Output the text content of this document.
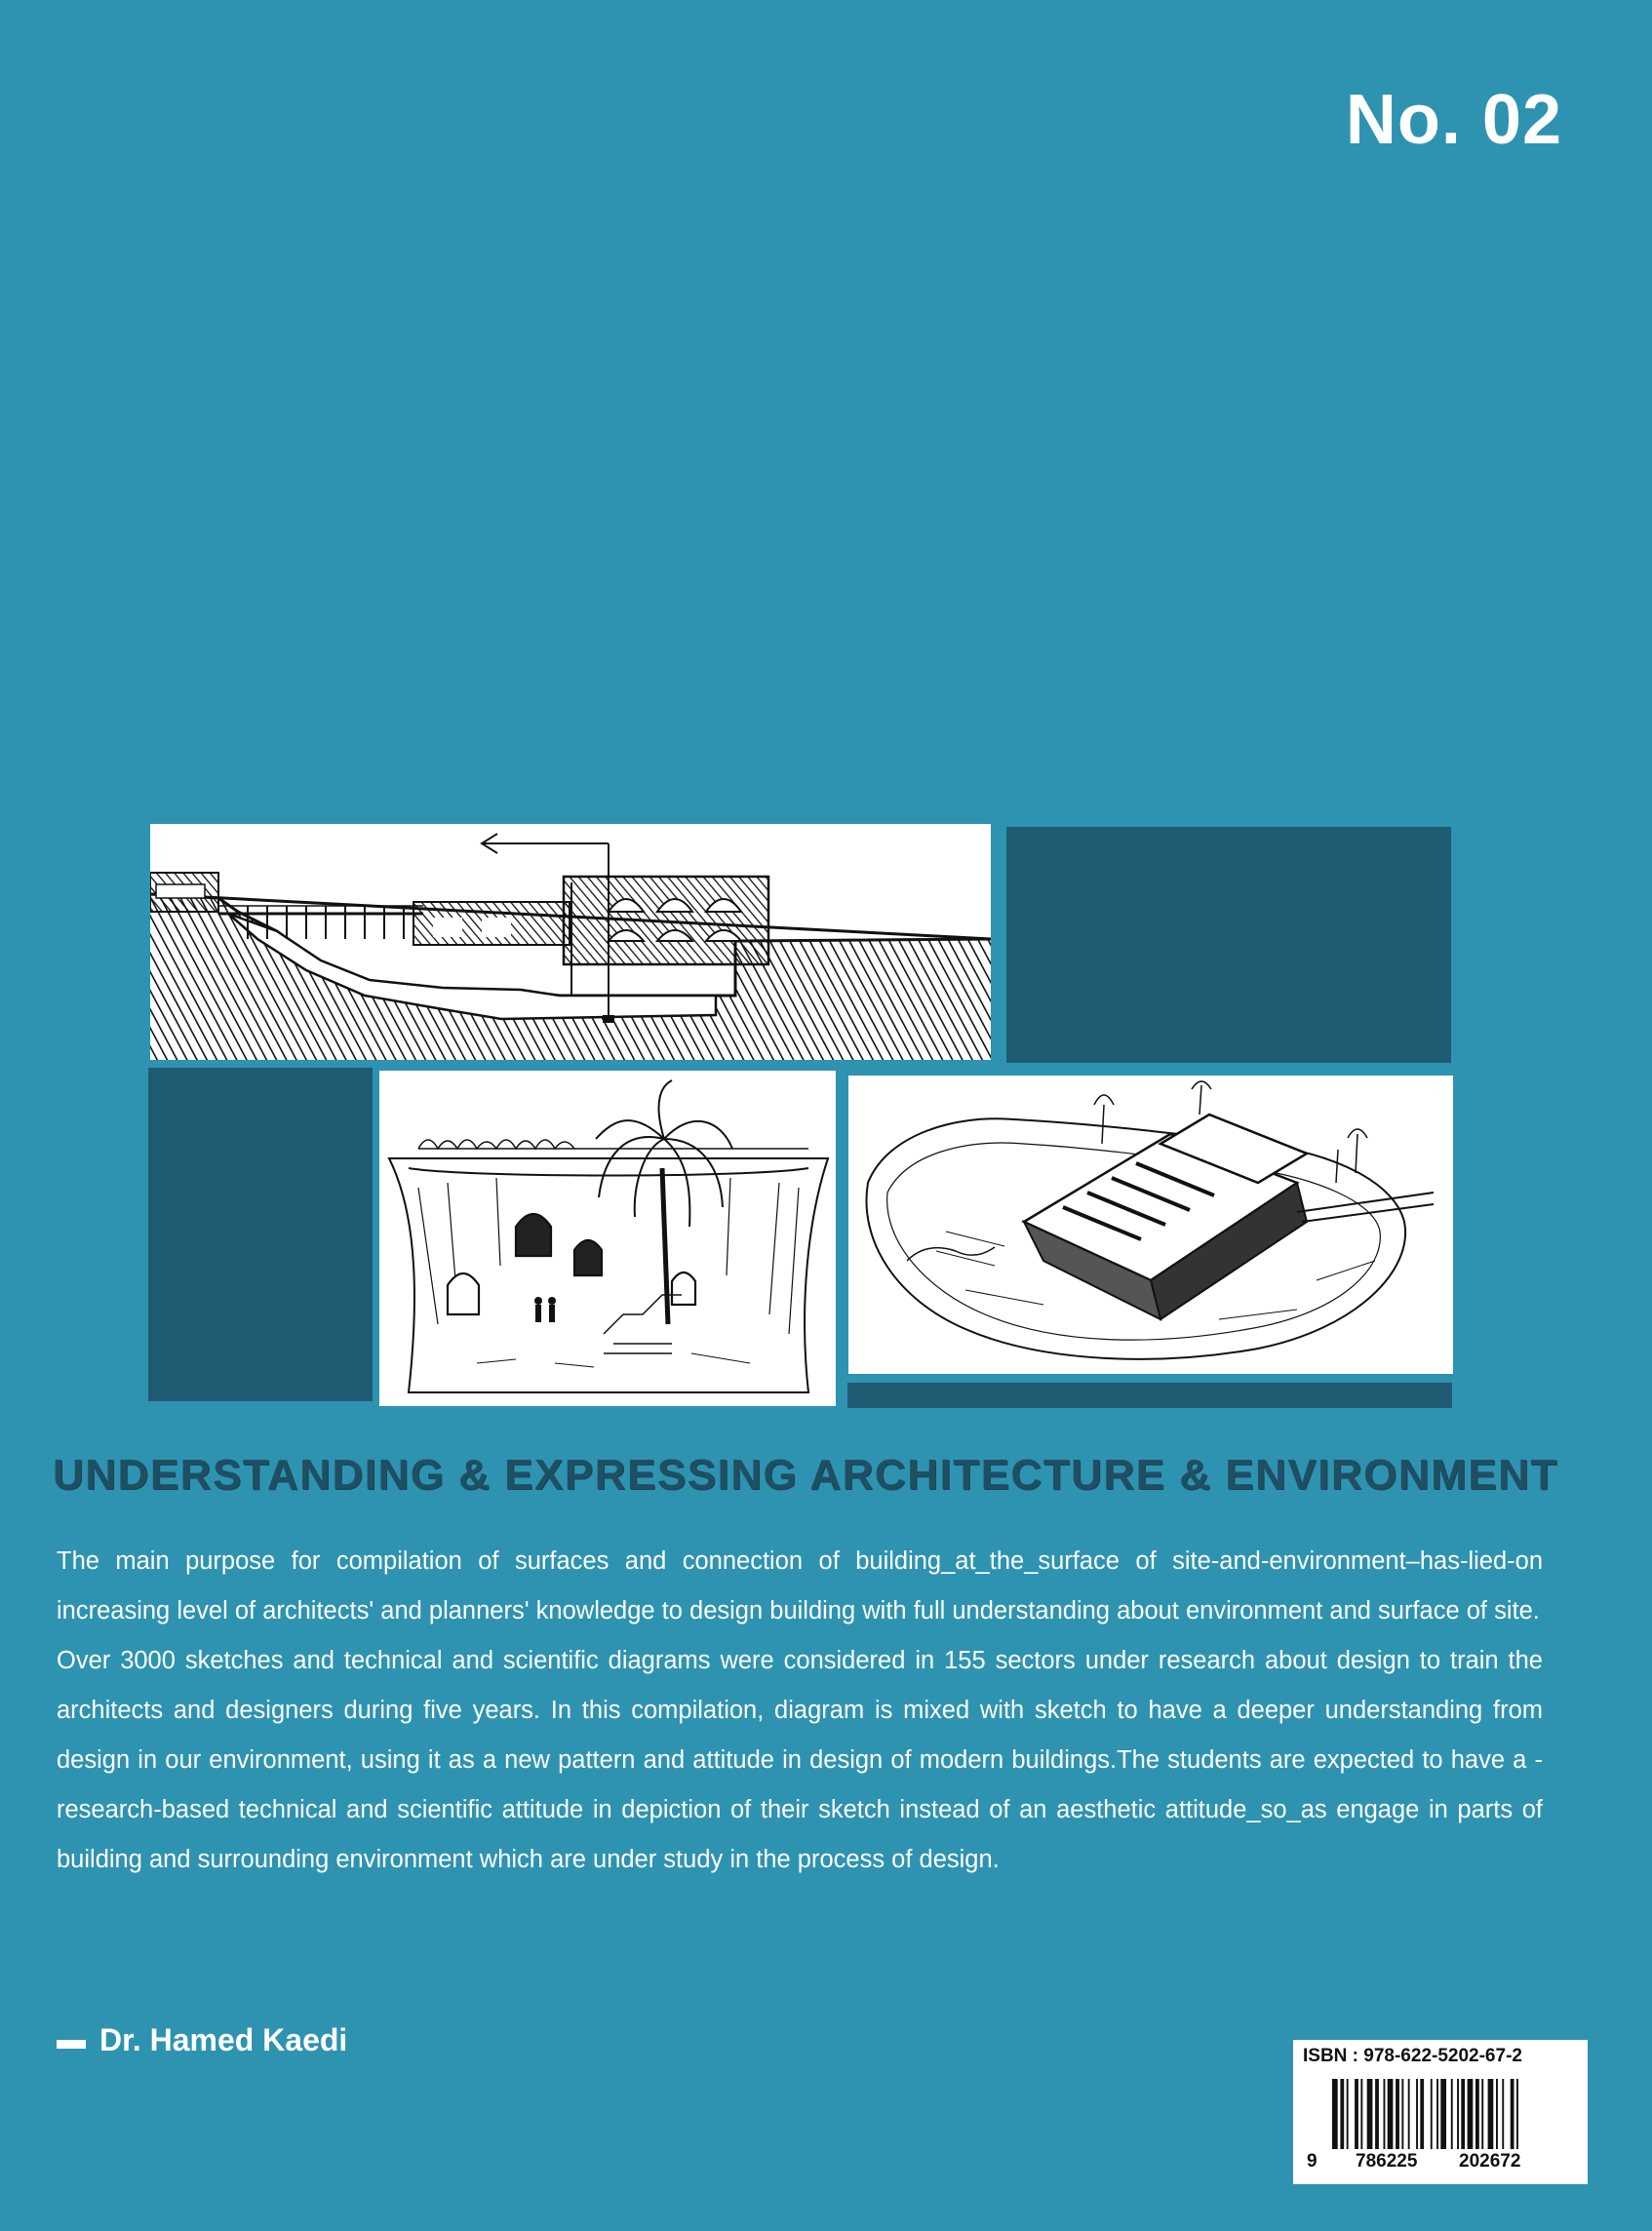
No. 02
UNDERSTANDING & EXPRESSING ARCHITECTURE & ENVIRONMENT

The main purpose for compilation of surfaces and connection of building_at_the_surface of site-and-environment–has-lied-on increasing level of architects' and planners' knowledge to design building with full understanding about environment and surface of site.

Over 3000 sketches and technical and scientific diagrams were considered in 155 sectors under research about design to train the architects and designers during five years. In this compilation, diagram is mixed with sketch to have a deeper understanding from design in our environment, using it as a new pattern and attitude in design of modern buildings.The students are expected to have a -research-based technical and scientific attitude in depiction of their sketch instead of an aesthetic attitude_so_as engage in parts of building and surrounding environment which are under study in the process of design.

Dr. Hamed Kaedi	ISBN : 978-622-5202-67-2
9 786225 202672
